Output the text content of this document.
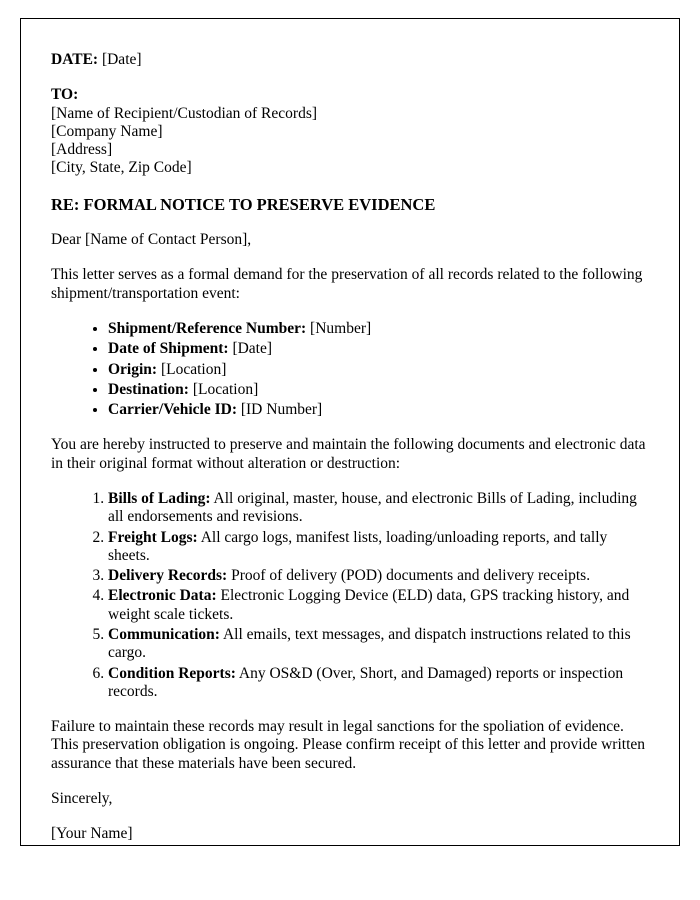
DATE: [Date]

TO:
[Name of Recipient/Custodian of Records]
[Company Name]
[Address]
[City, State, Zip Code]

RE: FORMAL NOTICE TO PRESERVE EVIDENCE

Dear [Name of Contact Person],

This letter serves as a formal demand for the preservation of all records related to the following shipment/transportation event:

• Shipment/Reference Number: [Number]
• Date of Shipment: [Date]
• Origin: [Location]
• Destination: [Location]
• Carrier/Vehicle ID: [ID Number]

You are hereby instructed to preserve and maintain the following documents and electronic data in their original format without alteration or destruction:

1. Bills of Lading: All original, master, house, and electronic Bills of Lading, including all endorsements and revisions.
2. Freight Logs: All cargo logs, manifest lists, loading/unloading reports, and tally sheets.
3. Delivery Records: Proof of delivery (POD) documents and delivery receipts.
4. Electronic Data: Electronic Logging Device (ELD) data, GPS tracking history, and weight scale tickets.
5. Communication: All emails, text messages, and dispatch instructions related to this cargo.
6. Condition Reports: Any OS&D (Over, Short, and Damaged) reports or inspection records.

Failure to maintain these records may result in legal sanctions for the spoliation of evidence. This preservation obligation is ongoing. Please confirm receipt of this letter and provide written assurance that these materials have been secured.

Sincerely,

[Your Name]
